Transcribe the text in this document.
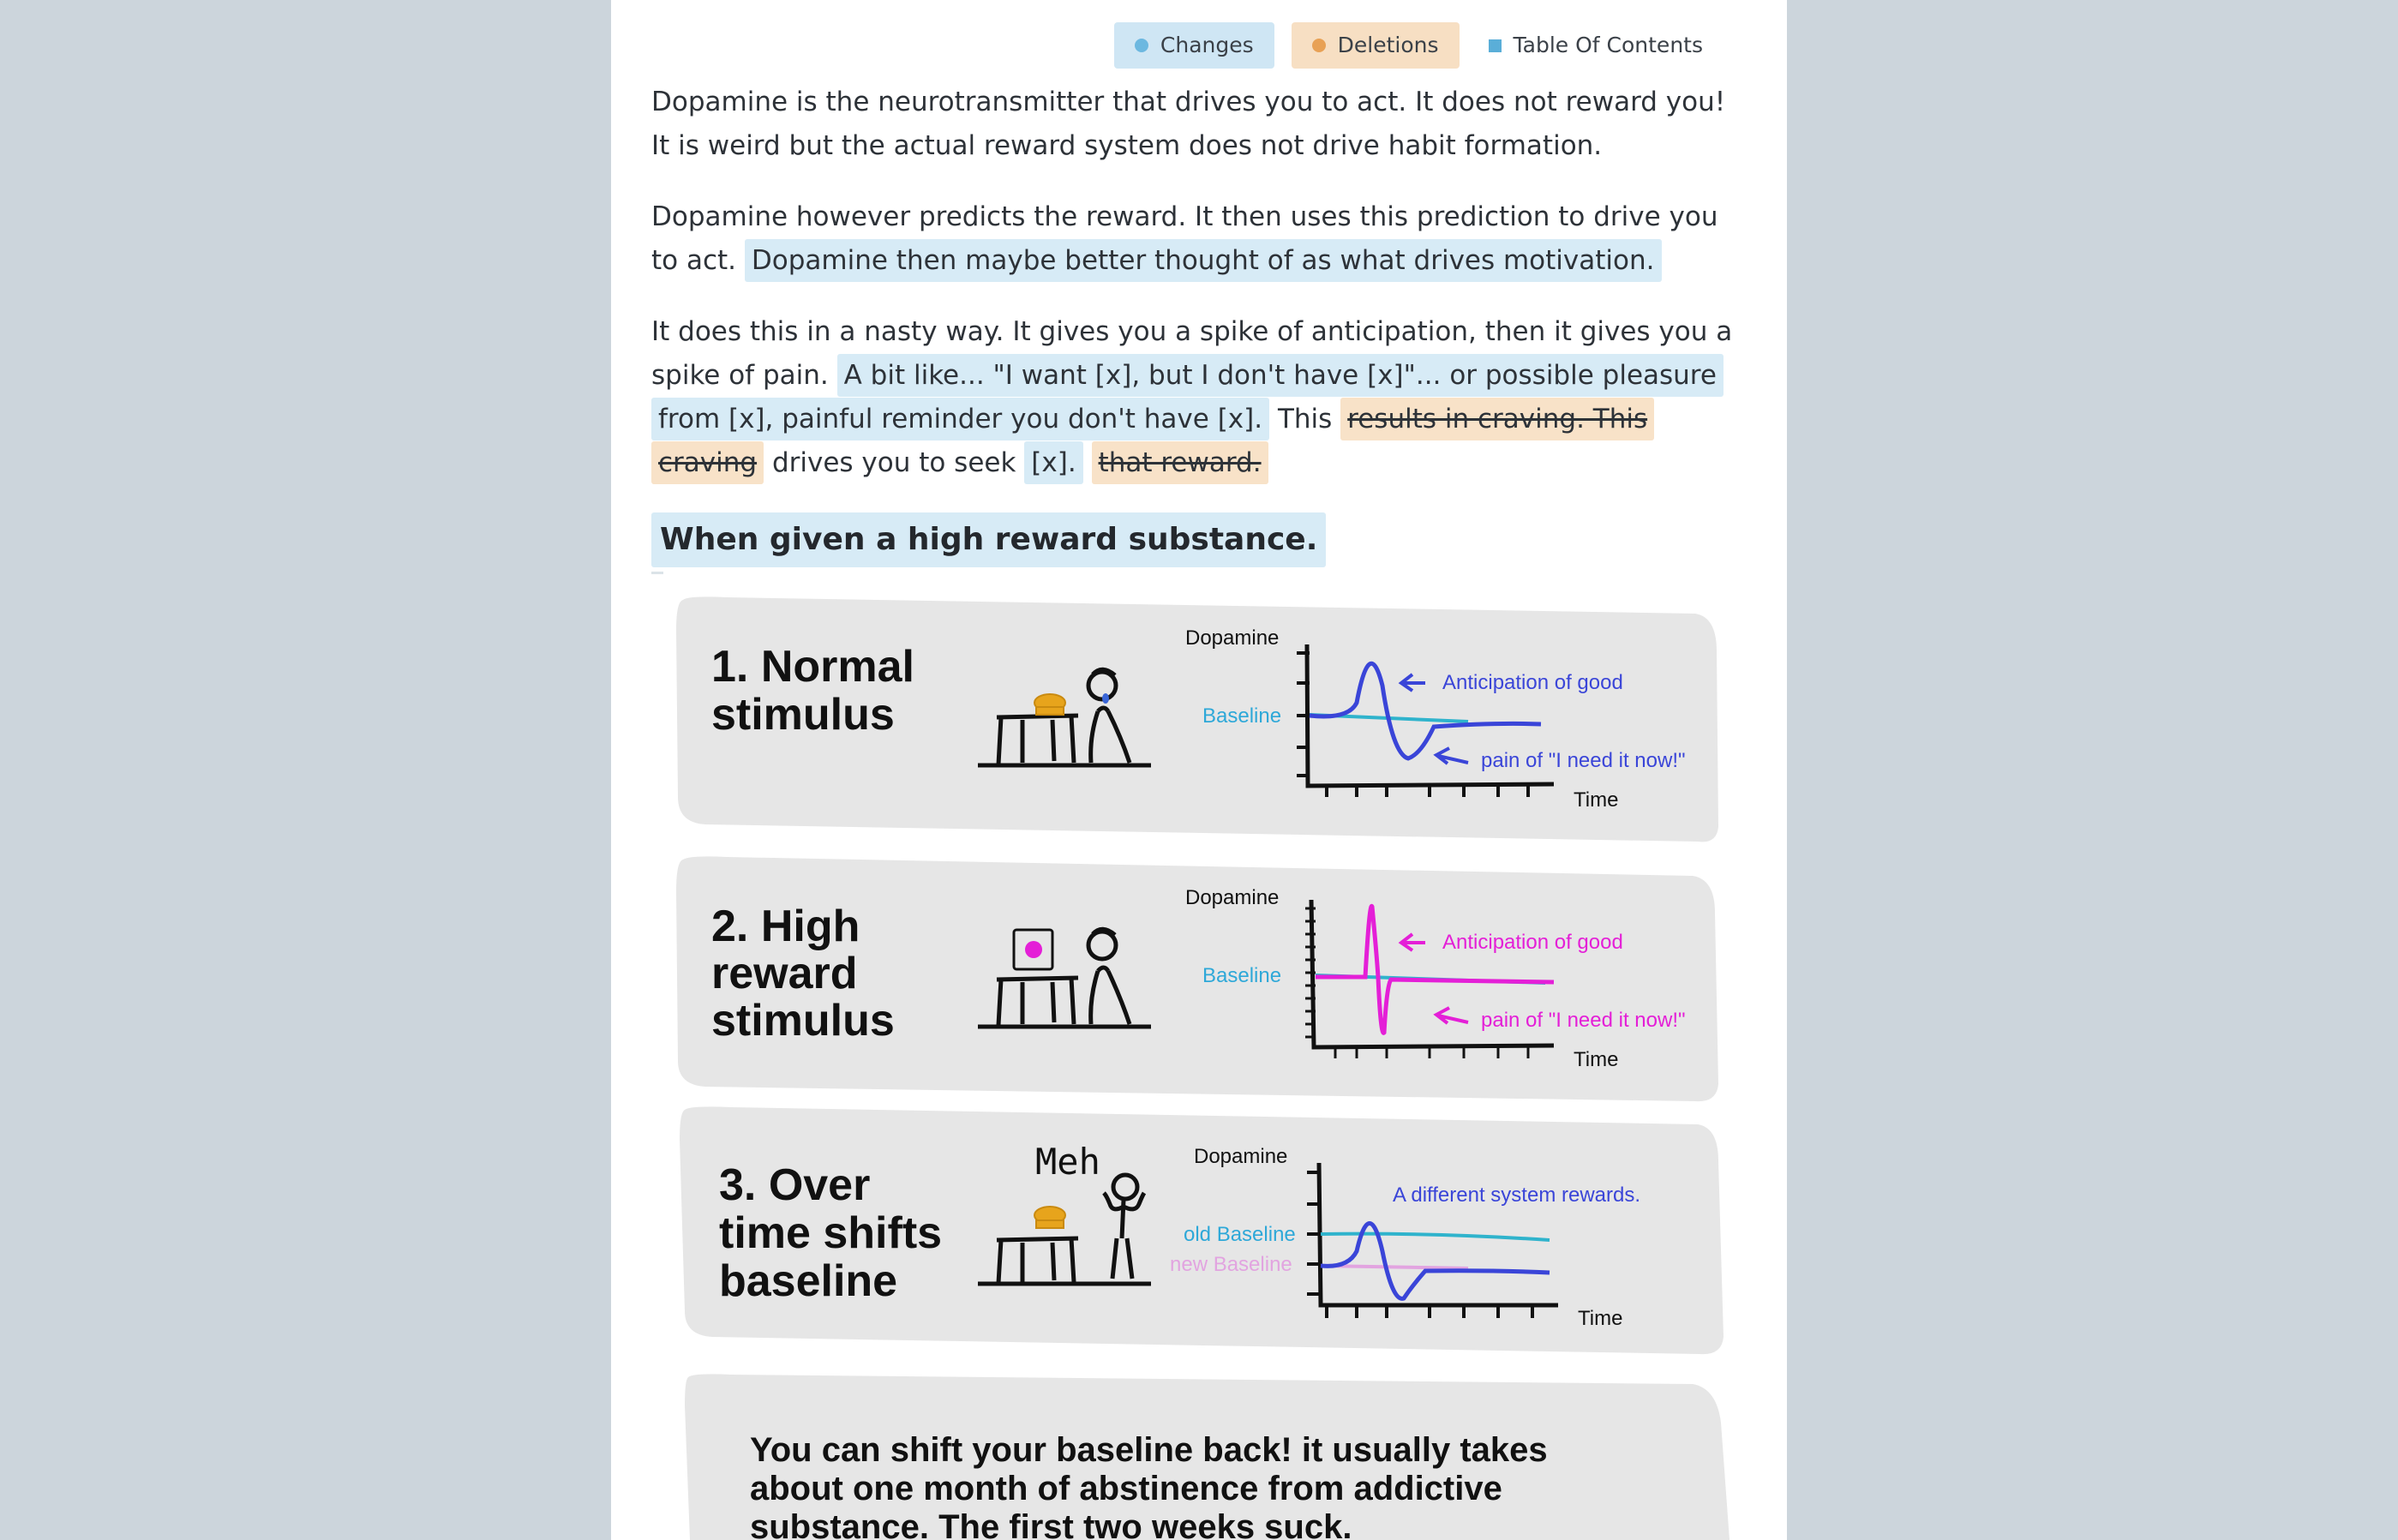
Changes	Deletions	Table Of Contents
Dopamine is the neurotransmitter that drives you to act. It does not reward you! It is weird but the actual reward system does not drive habit formation.
Dopamine however predicts the reward. It then uses this prediction to drive you to act. Dopamine then maybe better thought of as what drives motivation.
It does this in a nasty way. It gives you a spike of anticipation, then it gives you a spike of pain. A bit like... "I want [x], but I don't have [x]"... or possible pleasure from [x], painful reminder you don't have [x]. This results in craving. This craving drives you to seek [x]. that reward.
When given a high reward substance.
1. Normal
stimulus
Dopamine
Baseline
Anticipation of good
pain of "I need it now!"
Time
2. High
reward
stimulus
Dopamine
Baseline
Anticipation of good
pain of "I need it now!"
Time
3. Over
time shifts
baseline
Meh	Dopamine
A different system rewards.
old Baseline
new Baseline
Time
You can shift your baseline back! it usually takes
about one month of abstinence from addictive
substance. The first two weeks suck.
